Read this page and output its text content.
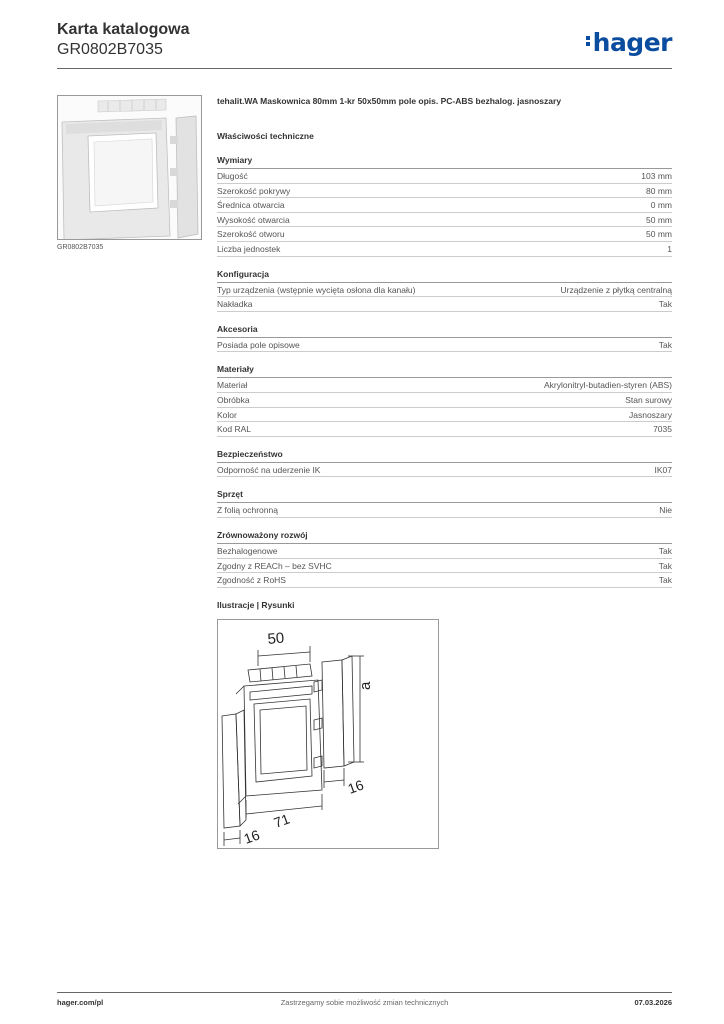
Karta katalogowa
GR0802B7035	hager
GR0802B7035
tehalit.WA Maskownica 80mm 1-kr 50x50mm pole opis. PC-ABS bezhalog. jasnoszary
Właściwości techniczne
Wymiary
Długość	103 mm
Szerokość pokrywy	80 mm
Średnica otwarcia	0 mm
Wysokość otwarcia	50 mm
Szerokość otworu	50 mm
Liczba jednostek	1
Konfiguracja
Typ urządzenia (wstępnie wycięta osłona dla kanału)	Urządzenie z płytką centralną
Nakładka	Tak
Akcesoria
Posiada pole opisowe	Tak
Materiały
Materiał	Akrylonitryl-butadien-styren (ABS)
Obróbka	Stan surowy
Kolor	Jasnoszary
Kod RAL	7035
Bezpieczeństwo
Odporność na uderzenie IK	IK07
Sprzęt
Z folią ochronną	Nie
Zrównoważony rozwój
Bezhalogenowe	Tak
Zgodny z REACh – bez SVHC	Tak
Zgodność z RoHS	Tak
Ilustracje | Rysunki
50
a
16
71
16
hager.com/pl	Zastrzegamy sobie możliwość zmian technicznych	07.03.2026
